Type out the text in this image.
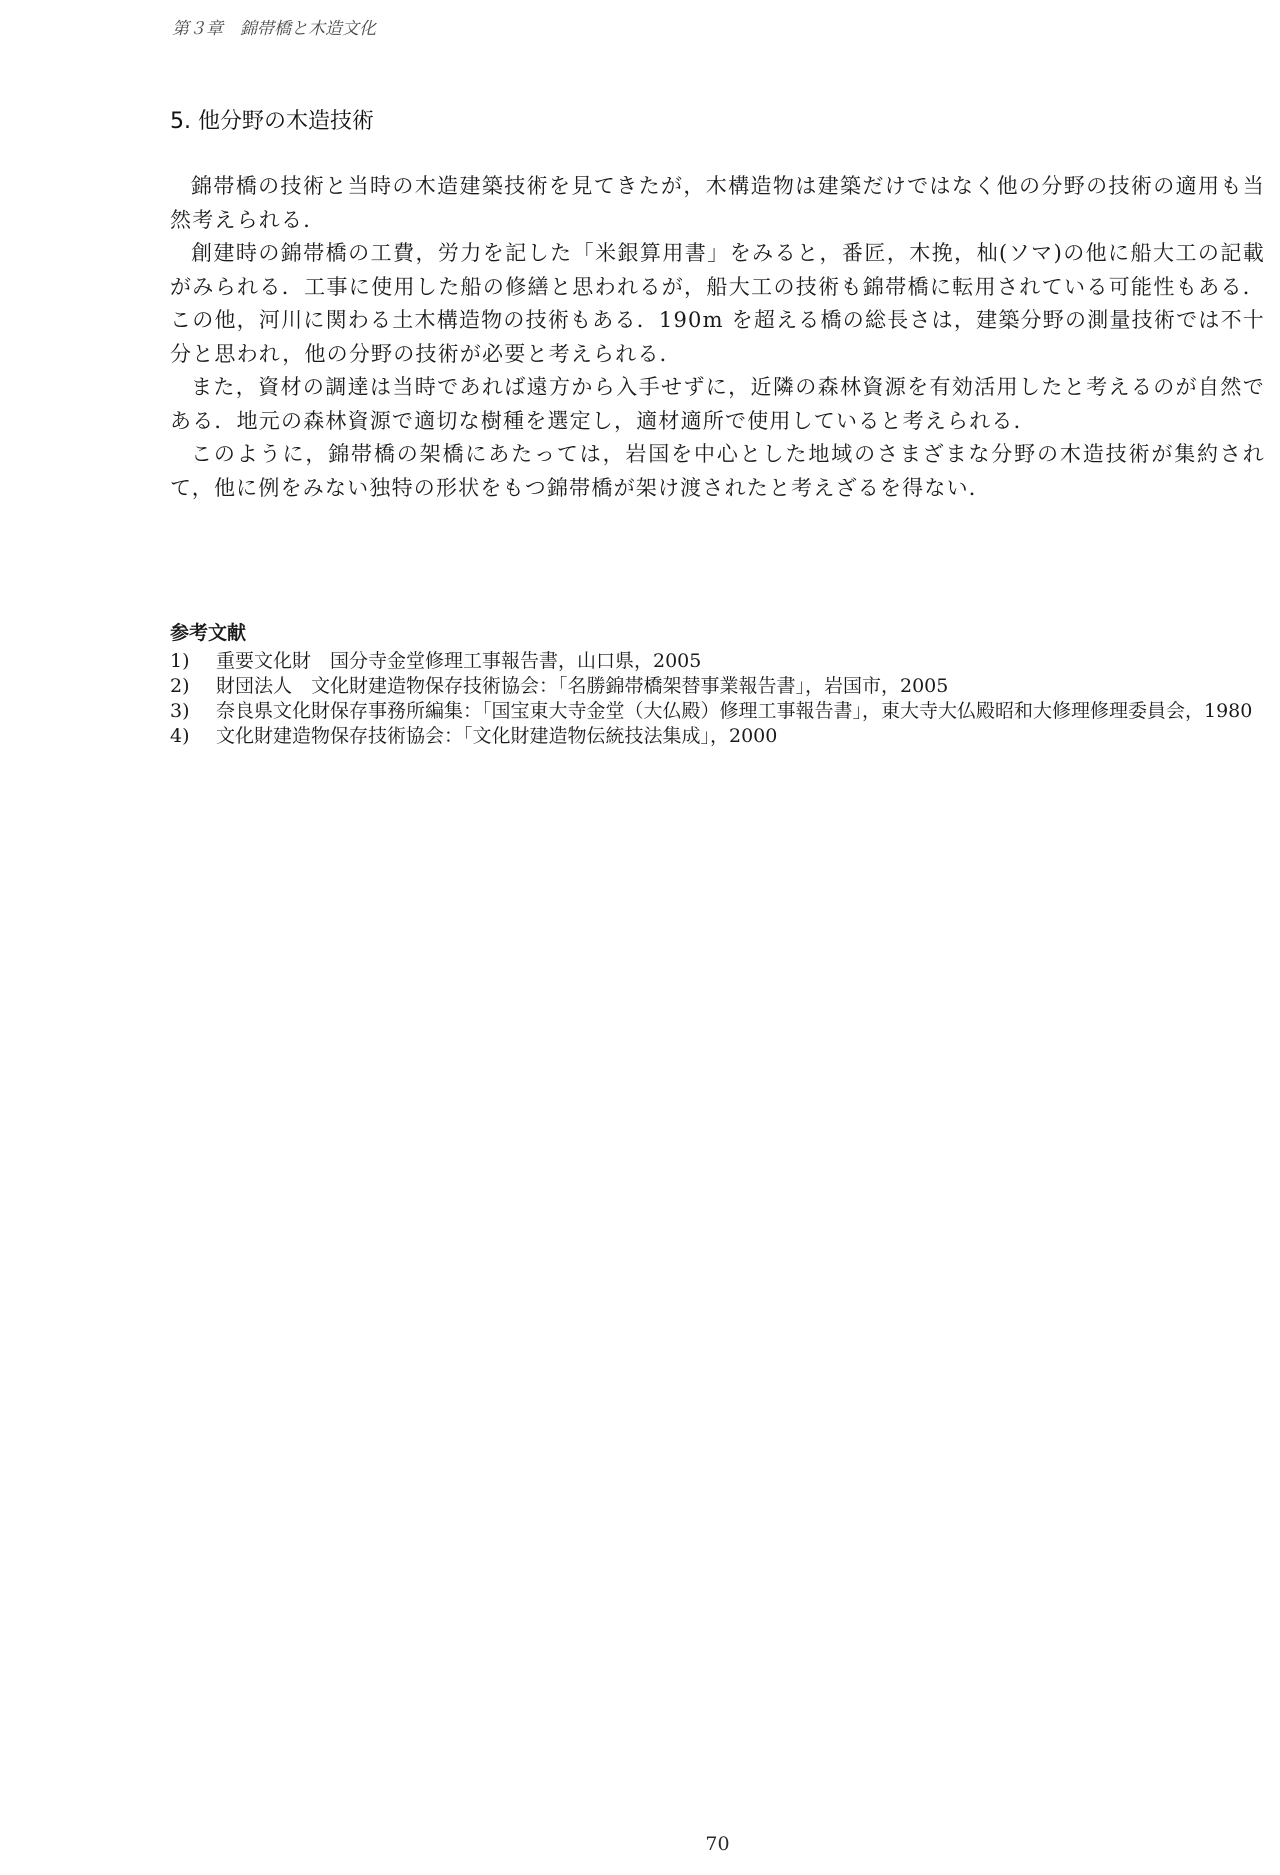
第３章　錦帯橋と木造文化
5. 他分野の木造技術

錦帯橋の技術と当時の木造建築技術を見てきたが，木構造物は建築だけではなく他の分野の技術の適用も当然考えられる．

創建時の錦帯橋の工費，労力を記した「米銀算用書」をみると，番匠，木挽，杣(ソマ)の他に船大工の記載がみられる．工事に使用した船の修繕と思われるが，船大工の技術も錦帯橋に転用されている可能性もある．この他，河川に関わる土木構造物の技術もある．190m を超える橋の総長さは，建築分野の測量技術では不十分と思われ，他の分野の技術が必要と考えられる．

また，資材の調達は当時であれば遠方から入手せずに，近隣の森林資源を有効活用したと考えるのが自然である．地元の森林資源で適切な樹種を選定し，適材適所で使用していると考えられる．

このように，錦帯橋の架橋にあたっては，岩国を中心とした地域のさまざまな分野の木造技術が集約されて，他に例をみない独特の形状をもつ錦帯橋が架け渡されたと考えざるを得ない．

参考文献
1)	重要文化財　国分寺金堂修理工事報告書，山口県，2005
2)	財団法人　文化財建造物保存技術協会：「名勝錦帯橋架替事業報告書」，岩国市，2005
3)	奈良県文化財保存事務所編集：「国宝東大寺金堂（大仏殿）修理工事報告書」，東大寺大仏殿昭和大修理修理委員会，1980
4)	文化財建造物保存技術協会：「文化財建造物伝統技法集成」，2000
70
